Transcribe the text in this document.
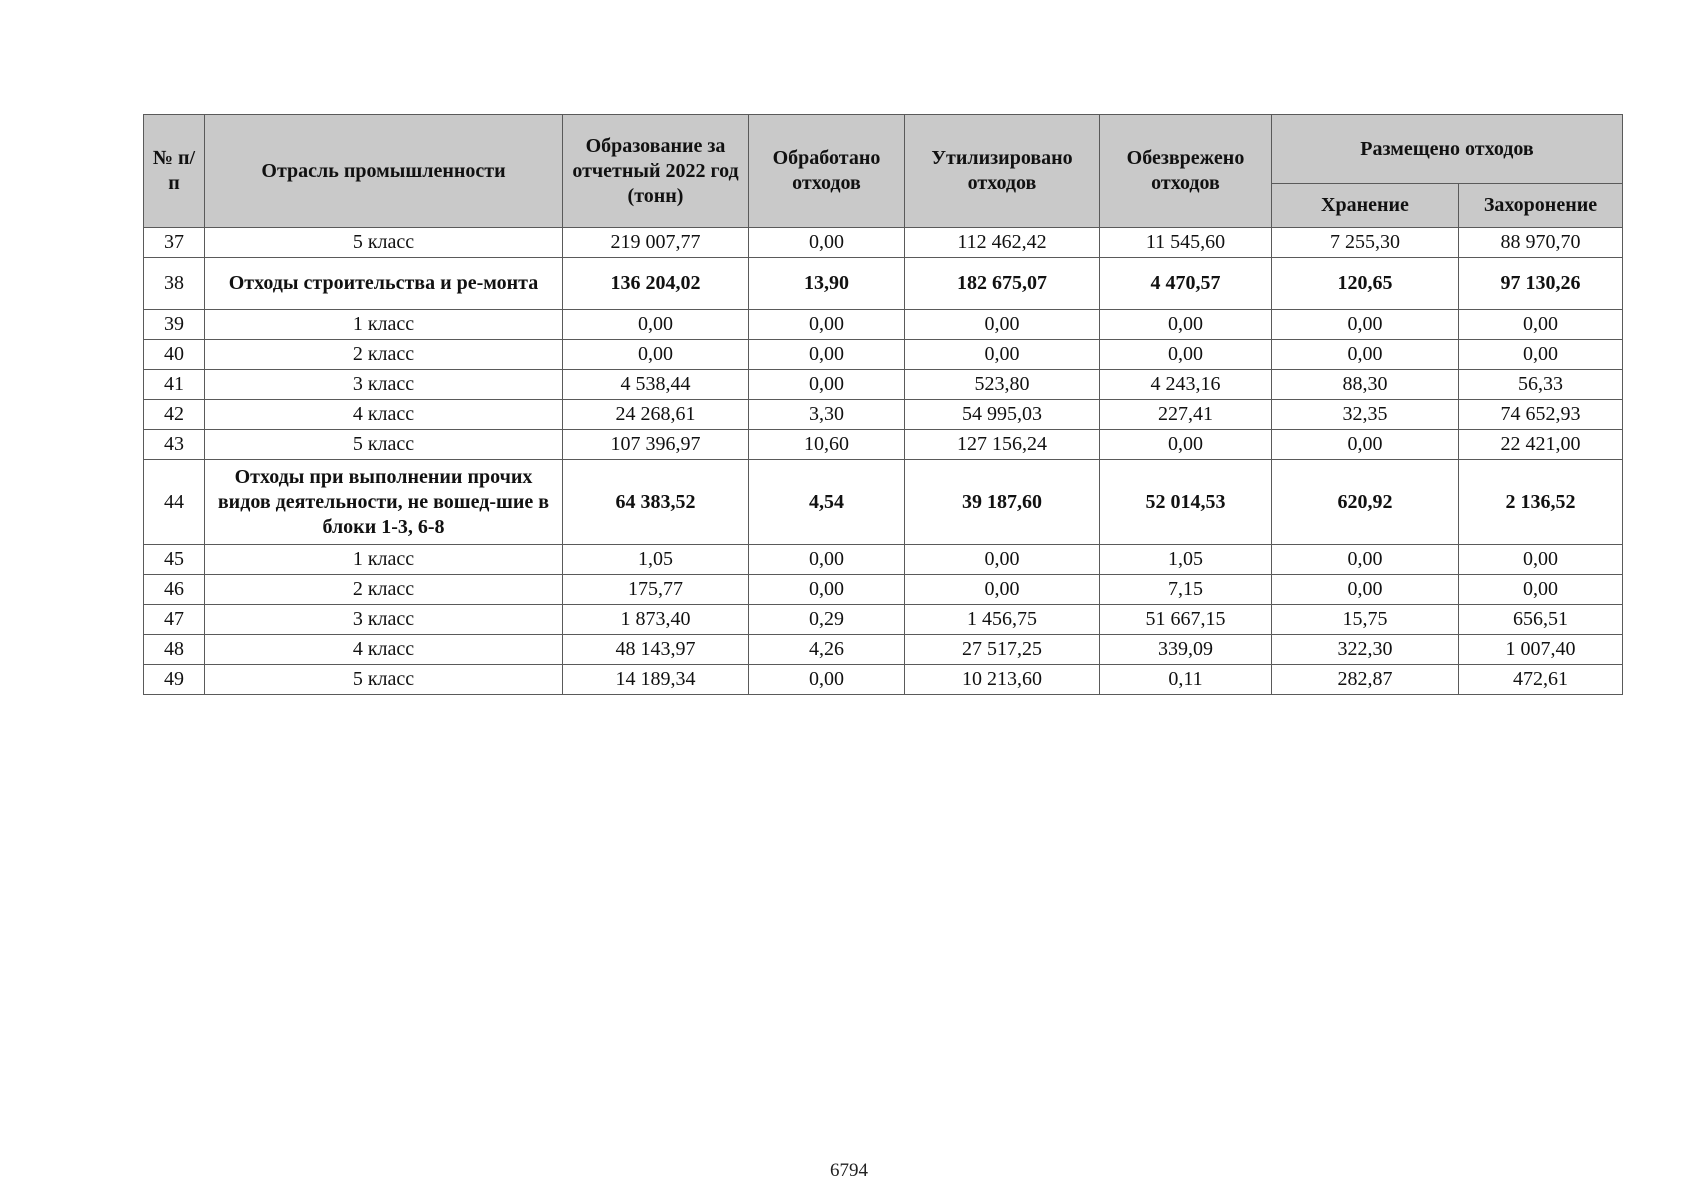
№ п/п	Отрасль промышленности	Образование за отчетный 2022 год (тонн)	Обработано отходов	Утилизировано отходов	Обезврежено отходов	Размещено отходов	
						Хранение	Захоронение
37	5 класс	219 007,77	0,00	112 462,42	11 545,60	7 255,30	88 970,70
38	Отходы строительства и ре-монта	136 204,02	13,90	182 675,07	4 470,57	120,65	97 130,26
39	1 класс	0,00	0,00	0,00	0,00	0,00	0,00
40	2 класс	0,00	0,00	0,00	0,00	0,00	0,00
41	3 класс	4 538,44	0,00	523,80	4 243,16	88,30	56,33
42	4 класс	24 268,61	3,30	54 995,03	227,41	32,35	74 652,93
43	5 класс	107 396,97	10,60	127 156,24	0,00	0,00	22 421,00
44	Отходы при выполнении прочих видов деятельности, не вошед-шие в блоки 1-3, 6-8	64 383,52	4,54	39 187,60	52 014,53	620,92	2 136,52
45	1 класс	1,05	0,00	0,00	1,05	0,00	0,00
46	2 класс	175,77	0,00	0,00	7,15	0,00	0,00
47	3 класс	1 873,40	0,29	1 456,75	51 667,15	15,75	656,51
48	4 класс	48 143,97	4,26	27 517,25	339,09	322,30	1 007,40
49	5 класс	14 189,34	0,00	10 213,60	0,11	282,87	472,61
6794
